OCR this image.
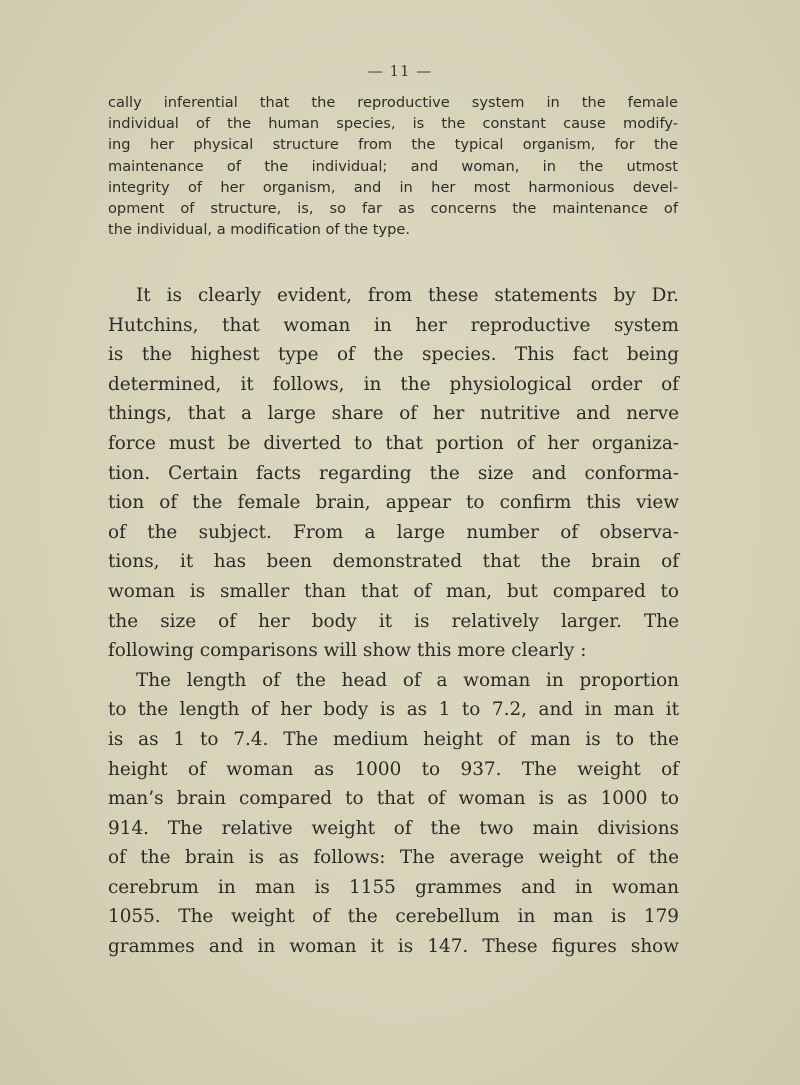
— 11 —
cally inferential that the reproductive system in the female
individual of the human species, is the constant cause modify-
ing her physical structure from the typical organism, for the
maintenance of the individual; and woman, in the utmost
integrity of her organism, and in her most harmonious devel-
opment of structure, is, so far as concerns the maintenance of
the individual, a modification of the type.
It is clearly evident, from these statements by Dr.
Hutchins, that woman in her reproductive system
is the highest type of the species. This fact being
determined, it follows, in the physiological order of
things, that a large share of her nutritive and nerve
force must be diverted to that portion of her organiza-
tion. Certain facts regarding the size and conforma-
tion of the female brain, appear to confirm this view
of the subject. From a large number of observa-
tions, it has been demonstrated that the brain of
woman is smaller than that of man, but compared to
the size of her body it is relatively larger. The
following comparisons will show this more clearly :
The length of the head of a woman in proportion
to the length of her body is as 1 to 7.2, and in man it
is as 1 to 7.4. The medium height of man is to the
height of woman as 1000 to 937. The weight of
man’s brain compared to that of woman is as 1000 to
914. The relative weight of the two main divisions
of the brain is as follows: The average weight of the
cerebrum in man is 1155 grammes and in woman
1055. The weight of the cerebellum in man is 179
grammes and in woman it is 147. These figures show
